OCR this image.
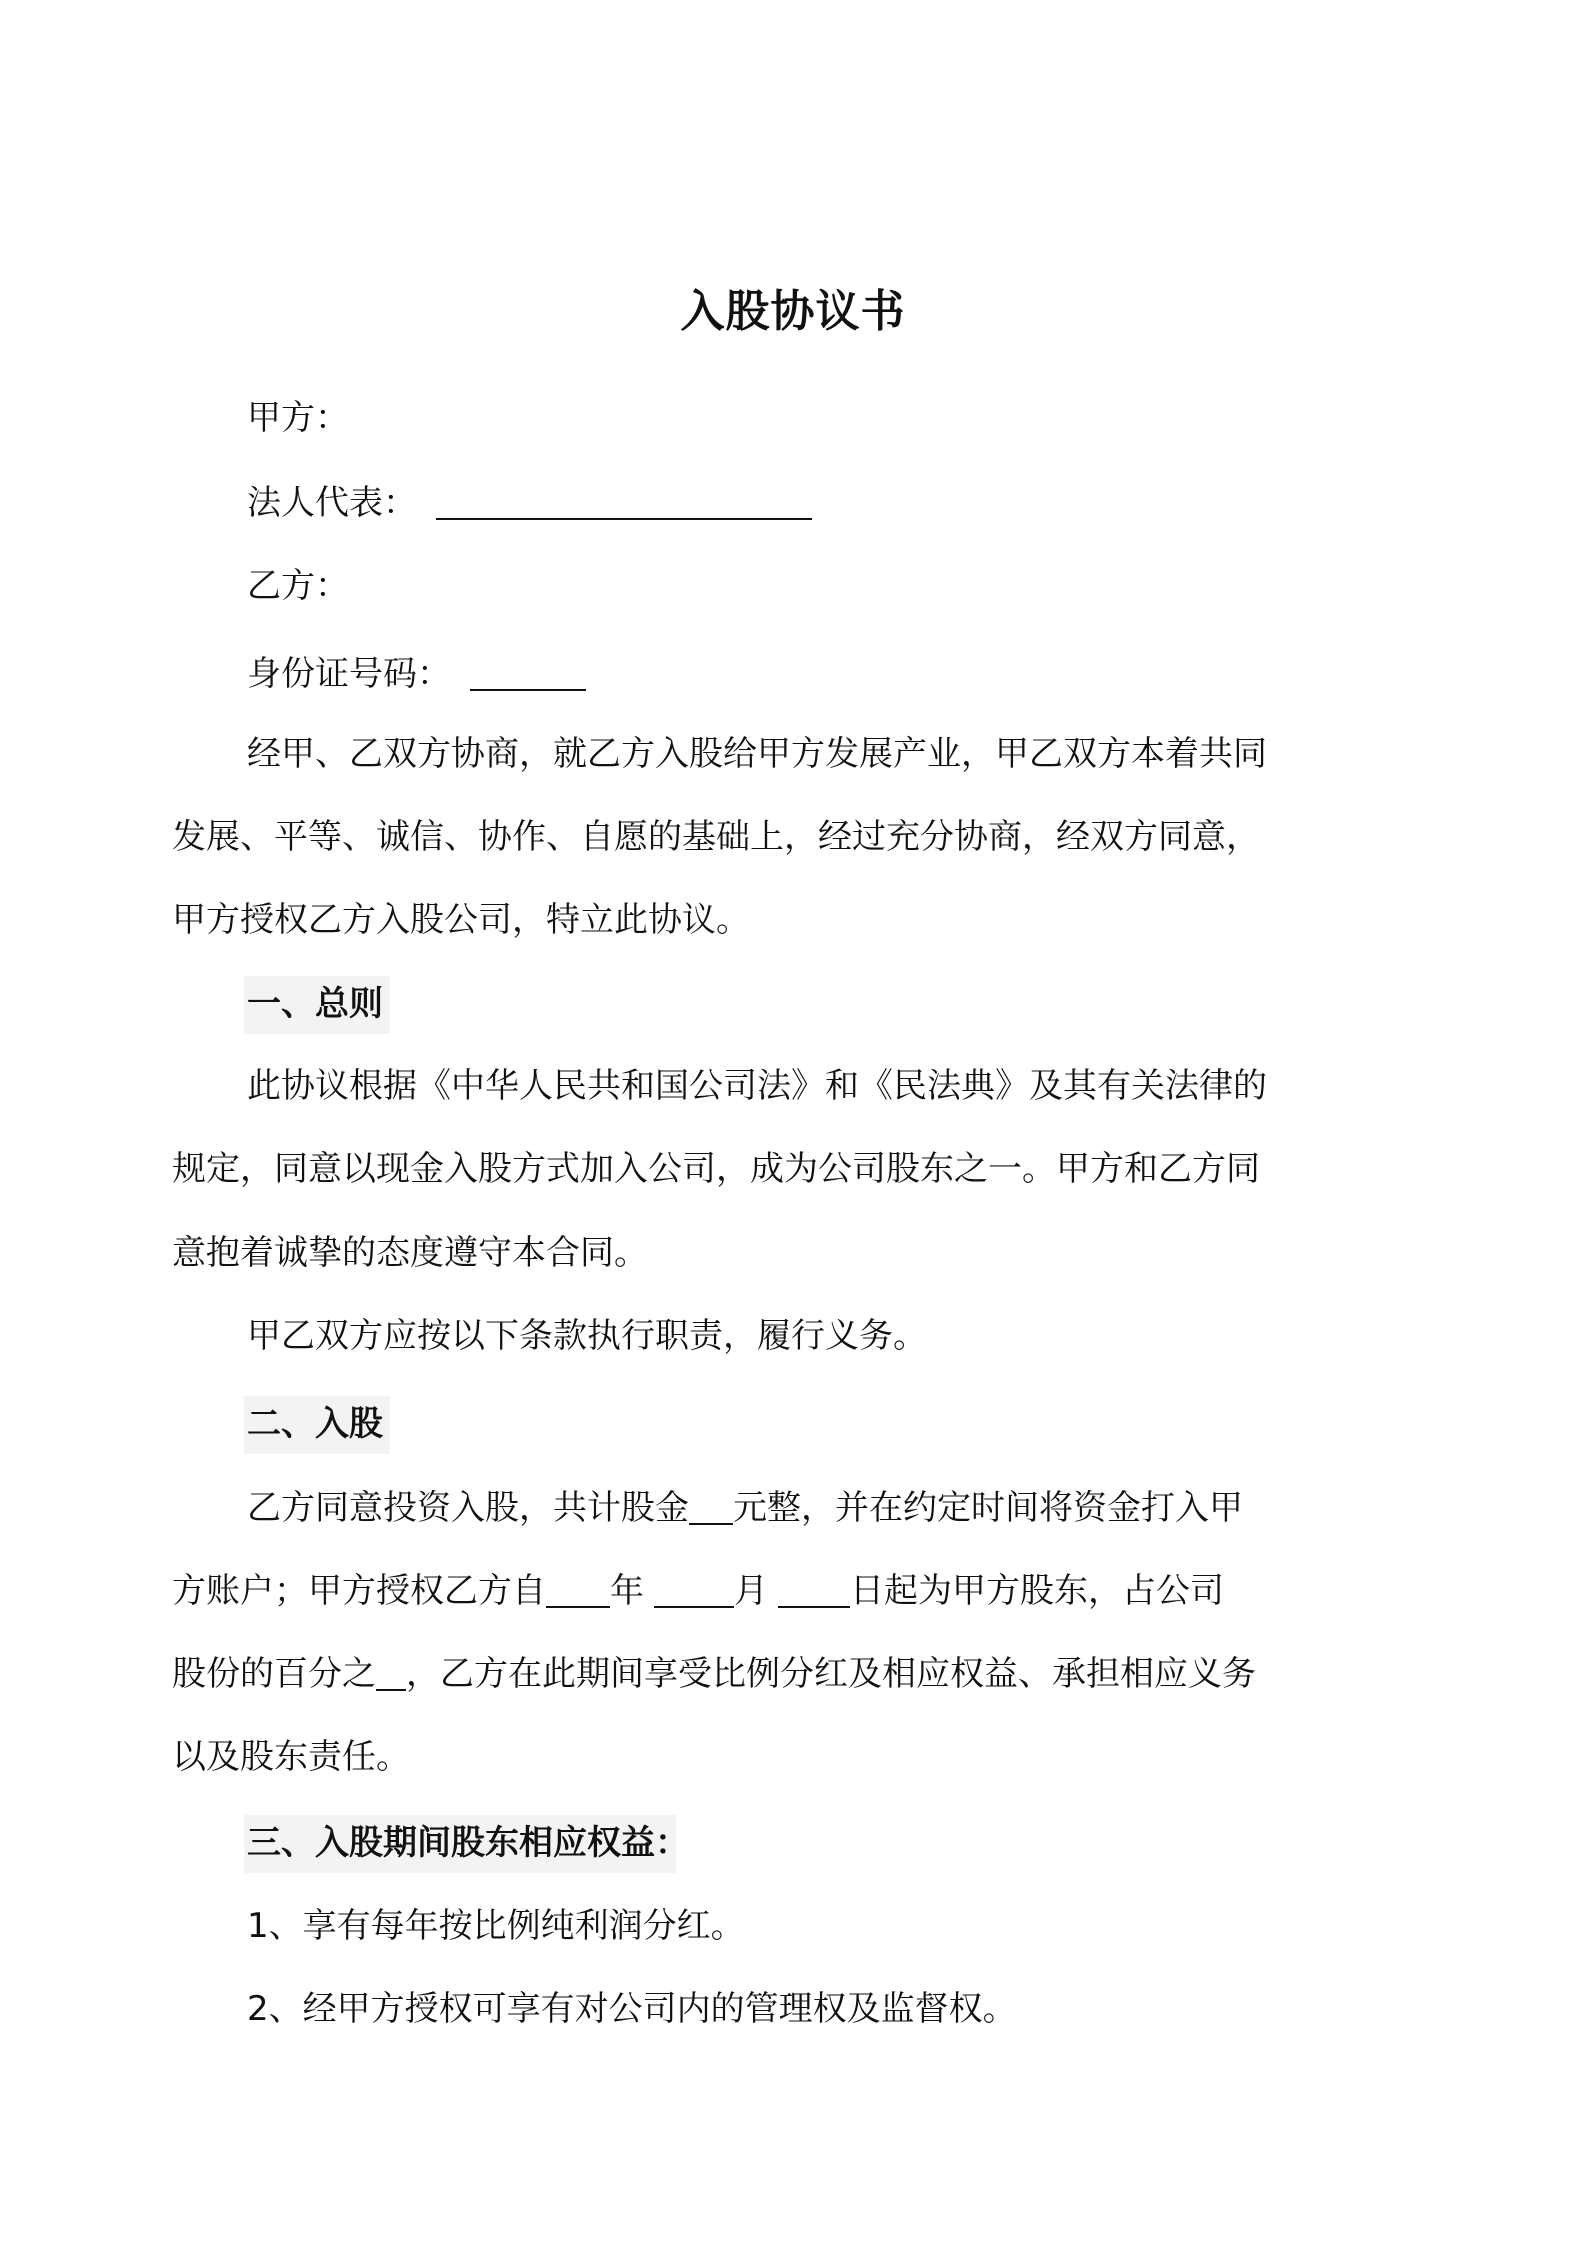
入股协议书
甲方：
法人代表：
乙方：
身份证号码：
经甲、乙双方协商，就乙方入股给甲方发展产业，甲乙双方本着共同
发展、平等、诚信、协作、自愿的基础上，经过充分协商，经双方同意，
甲方授权乙方入股公司，特立此协议。
一、总则
此协议根据《中华人民共和国公司法》和《民法典》及其有关法律的
规定，同意以现金入股方式加入公司，成为公司股东之一。甲方和乙方同
意抱着诚挚的态度遵守本合同。
甲乙双方应按以下条款执行职责，履行义务。
二、入股
乙方同意投资入股，共计股金 元整，并在约定时间将资金打入甲
方账户；甲方授权乙方自 年	月 日起为甲方股东，占公司
股份的百分之 ，乙方在此期间享受比例分红及相应权益、承担相应义务
以及股东责任。
三、入股期间股东相应权益：
1、享有每年按比例纯利润分红。
2、经甲方授权可享有对公司内的管理权及监督权。
